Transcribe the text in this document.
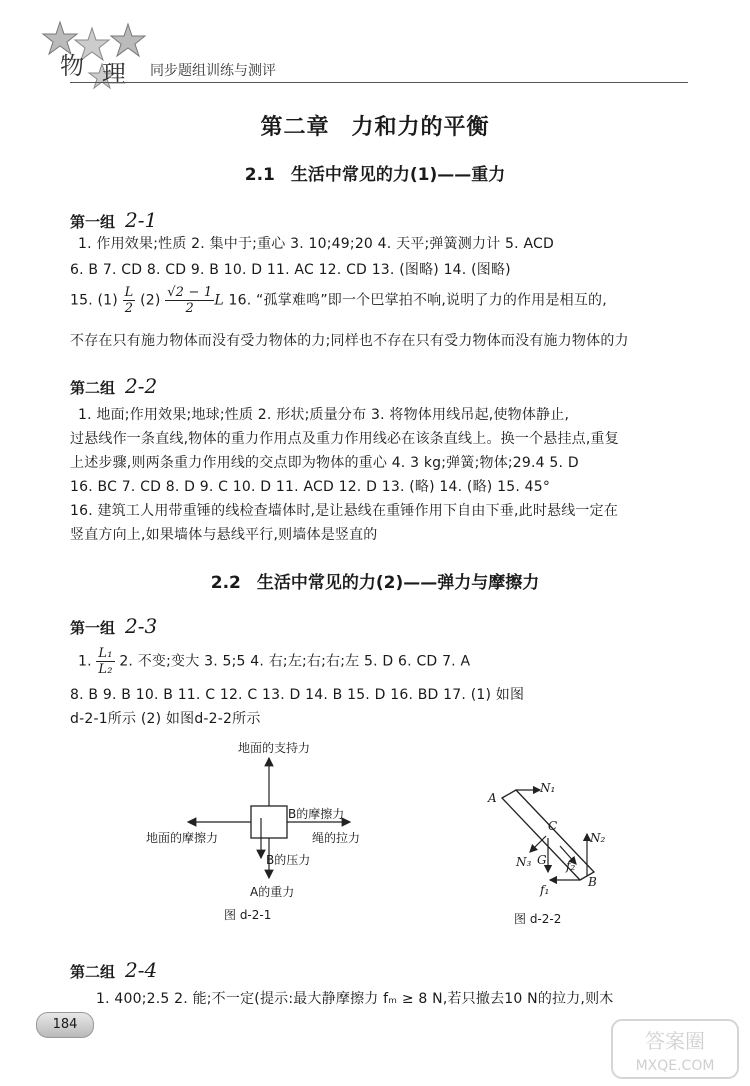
物 理 同步题组训练与测评
第二章 力和力的平衡
2.1 生活中常见的力(1)——重力
第一组 2-1
1. 作用效果;性质 2. 集中于;重心 3. 10;49;20 4. 天平;弹簧测力计 5. ACD
6. B 7. CD 8. CD 9. B 10. D 11. AC 12. CD 13. (图略) 14. (图略)
15. $(1) \frac{L}{2} (2) \frac{√2 - 1}{2}$ L 16. “孤掌难鸣”即一个巴掌拍不响,说明了力的作用是相互的,
不存在只有施力物体而没有受力物体的力;同样也不存在只有受力物体而没有施力物体的力
第二组 2-2
1. 地面;作用效果;地球;性质 2. 形状;质量分布 3. 将物体用线吊起,使物体静止,
过悬线作一条直线,物体的重力作用点及重力作用线必在该条直线上。换一个悬挂点,重复
上述步骤,则两条重力作用线的交点即为物体的重心 4. 3 kg;弹簧;物体;29.4 5. D
16. BC 7. CD 8. D 9. C 10. D 11. ACD 12. D 13. (略) 14. (略) 15. 45°
16. 建筑工人用带重锤的线检查墙体时,是让悬线在重锤作用下自由下垂,此时悬线一定在
竖直方向上,如果墙体与悬线平行,则墙体是竖直的
2.2 生活中常见的力(2)——弹力与摩擦力
第一组 2-3
1. $\frac{\text{L₁}}{\text{L₂}} 2$. 不变;变大 3. 5;5 4. 右;左;右;右;左 5. D 6. CD 7. A
8. B 9. B 10. B 11. C 12. C 13. D 14. B 15. D 16. BD 17. (1) 如图
d-2-1所示 (2) 如图d-2-2所示
地面的支持力
B的摩擦力
地面的摩擦力	绳的拉力
B的压力
A的重力
图 d-2-1
A
N₁
C
N₂
N₃ G f₂
B
f₁
图 d-2-2
第二组 2-4
1. 400;2.5 2. 能;不一定(提示:最大静摩擦力 fₘ ≥ 8 N,若只撤去10 N的拉力,则木
184
答案圈
MXQE.COM
